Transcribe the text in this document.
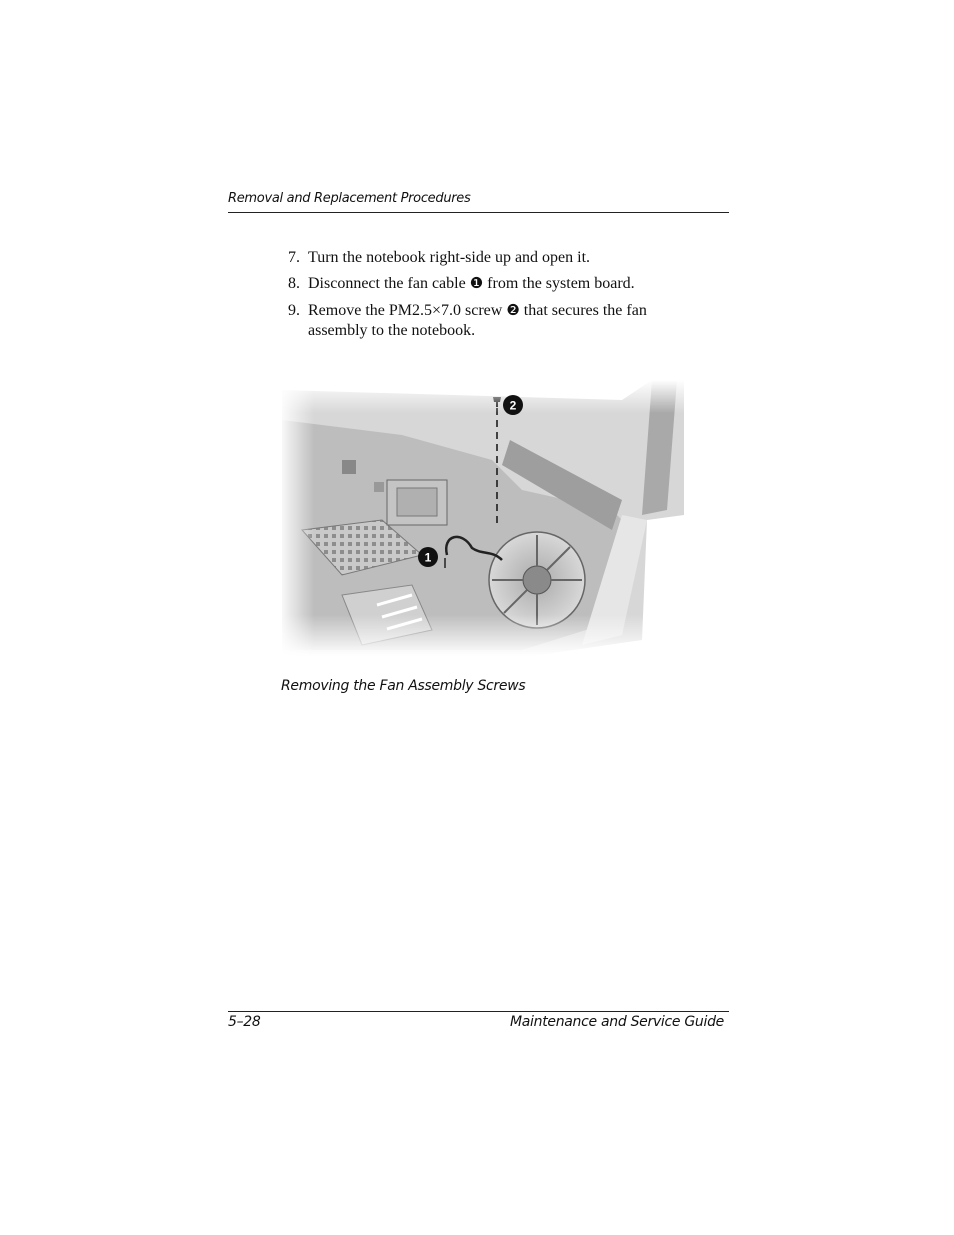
Removal and Replacement Procedures
7. Turn the notebook right-side up and open it.
8. Disconnect the fan cable ❶ from the system board.
9. Remove the PM2.5×7.0 screw ❷ that secures the fan assembly to the notebook.
1
2
Removing the Fan Assembly Screws
5–28	Maintenance and Service Guide
